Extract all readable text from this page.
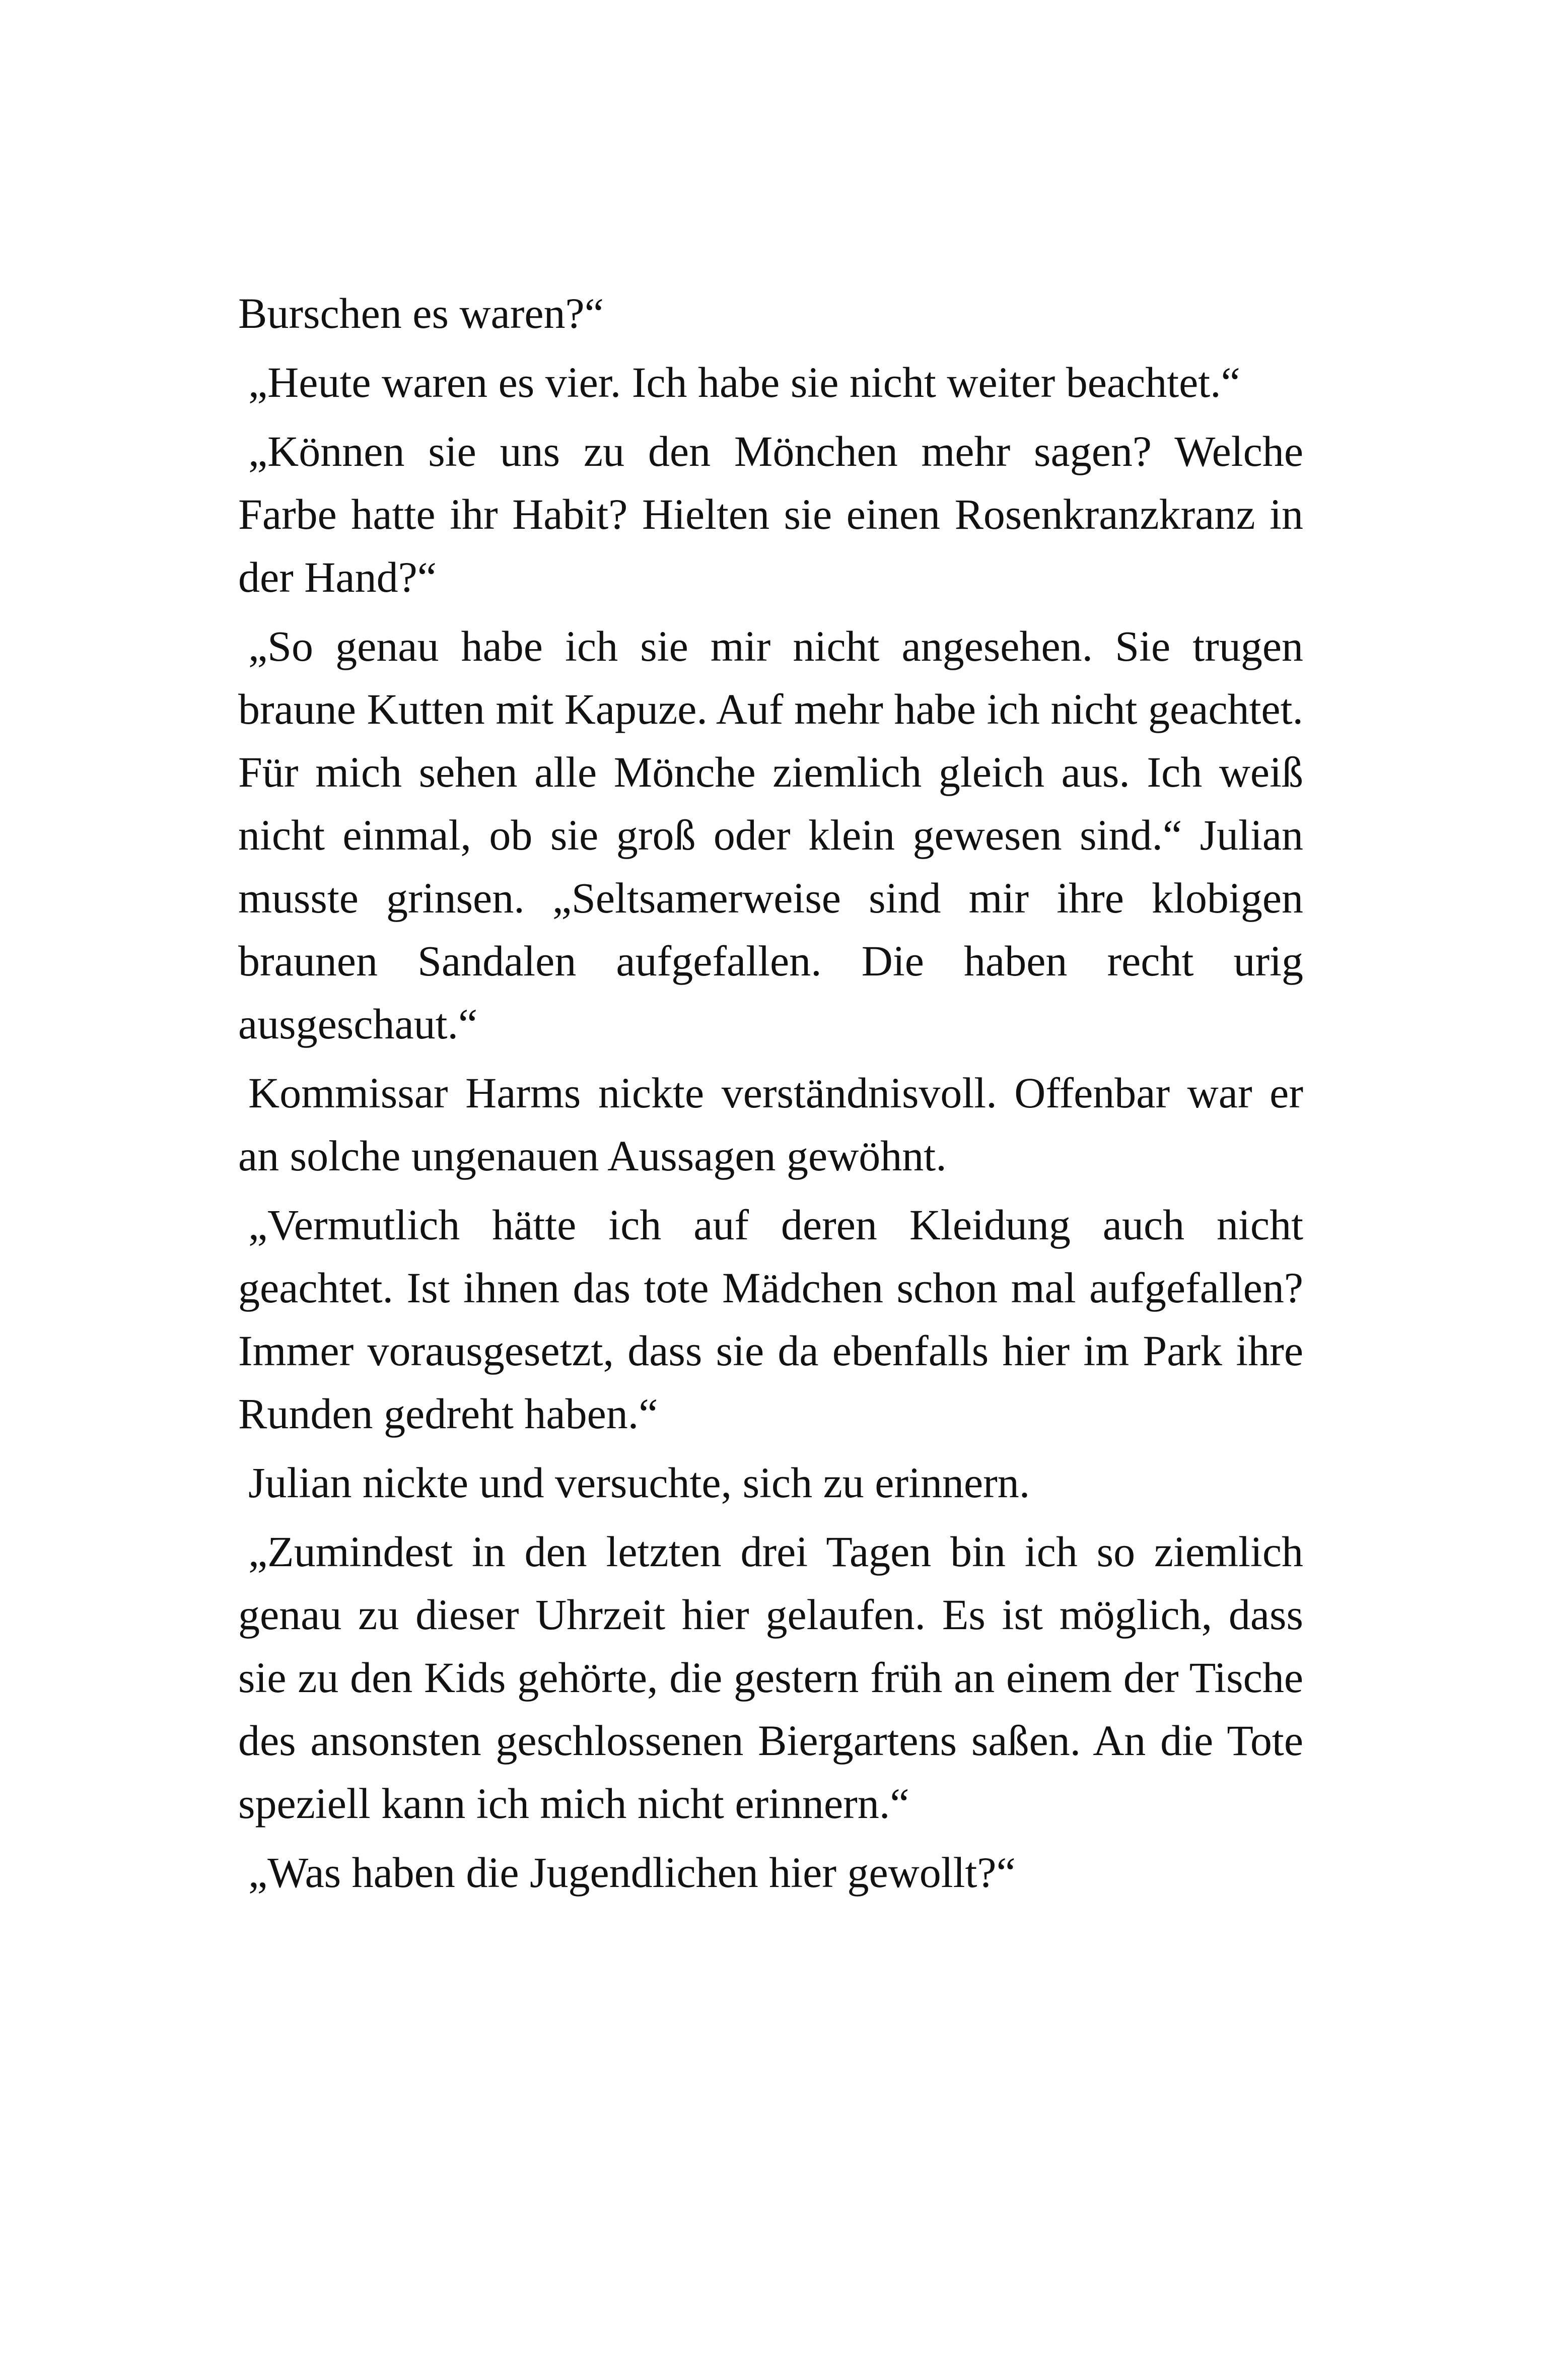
Burschen es waren?“

„Heute waren es vier. Ich habe sie nicht weiter beachtet.“

„Können sie uns zu den Mönchen mehr sagen? Welche Farbe hatte ihr Habit? Hielten sie einen Rosenkranzkranz in der Hand?“

„So genau habe ich sie mir nicht angesehen. Sie trugen braune Kutten mit Kapuze. Auf mehr habe ich nicht geachtet. Für mich sehen alle Mönche ziemlich gleich aus. Ich weiß nicht einmal, ob sie groß oder klein gewesen sind.“ Julian musste grinsen. „Seltsamerweise sind mir ihre klobigen braunen Sandalen aufgefallen. Die haben recht urig ausgeschaut.“

Kommissar Harms nickte verständnisvoll. Offenbar war er an solche ungenauen Aussagen gewöhnt.

„Vermutlich hätte ich auf deren Kleidung auch nicht geachtet. Ist ihnen das tote Mädchen schon mal aufgefallen? Immer vorausgesetzt, dass sie da ebenfalls hier im Park ihre Runden gedreht haben.“

Julian nickte und versuchte, sich zu erinnern.

„Zumindest in den letzten drei Tagen bin ich so ziemlich genau zu dieser Uhrzeit hier gelaufen. Es ist möglich, dass sie zu den Kids gehörte, die gestern früh an einem der Tische des ansonsten geschlossenen Biergartens saßen. An die Tote speziell kann ich mich nicht erinnern.“

„Was haben die Jugendlichen hier gewollt?“
